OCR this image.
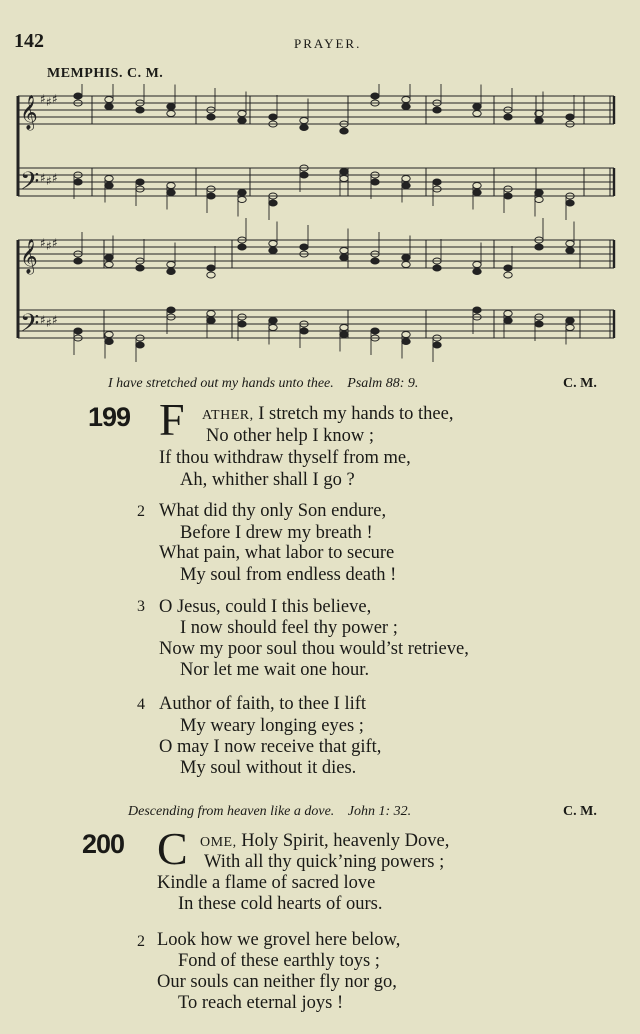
142	PRAYER.
MEMPHIS. C. M.
𝄞 ♯ ♯ ♯
𝄢 ♯ ♯ ♯
𝄞 ♯ ♯ ♯
𝄢 ♯ ♯ ♯
I have stretched out my hands unto thee. Psalm 88: 9.	C. M.
199 F ATHER, I stretch my hands to thee,
No other help I know ;
If thou withdraw thyself from me,
Ah, whither shall I go ?
2 What did thy only Son endure,
Before I drew my breath !
What pain, what labor to secure
My soul from endless death !
3 O Jesus, could I this believe,
I now should feel thy power ;
Now my poor soul thou would’st retrieve,
Nor let me wait one hour.
4 Author of faith, to thee I lift
My weary longing eyes ;
O may I now receive that gift,
My soul without it dies.
Descending from heaven like a dove. John 1: 32.	C. M.
200 C OME, Holy Spirit, heavenly Dove,
With all thy quick’ning powers ;
Kindle a flame of sacred love
In these cold hearts of ours.
2 Look how we grovel here below,
Fond of these earthly toys ;
Our souls can neither fly nor go,
To reach eternal joys !
